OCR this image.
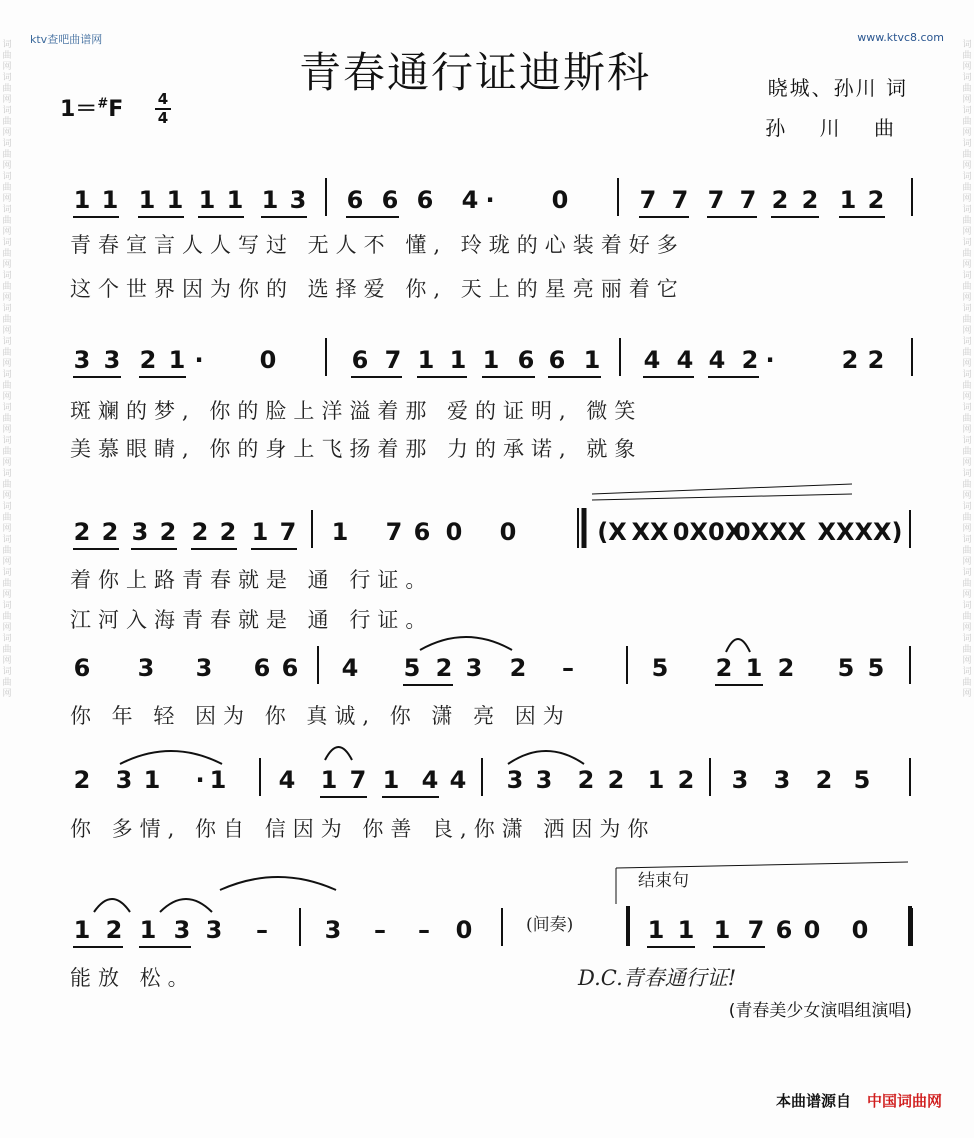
词
曲
网
词
曲
网
词
曲
网
词
曲
网
词
曲
网
词
曲
网
词
曲
网
词
曲
网
词
曲
网
词
曲
网
词
曲
网
词
曲
网
词
曲
网
词
曲
网
词
曲
网
词
曲
网
词
曲
网
词
曲
网
词
曲
网
词
曲
网
词
曲
网
词
曲
网
词
曲
网
词
曲
网
词
曲
网
词
曲
网
词
曲
网
词
曲
网
词
曲
网
词
曲
网
词
曲
网
词
曲
网
词
曲
网
词
曲
网
词
曲
网
词
曲
网
词
曲
网
词
曲
网
词
曲
网
词
曲
网
ktv查吧曲谱网	www.ktvc8.com
青春通行证迪斯科	晓城、孙川 词
孙 川 曲
1＝#F 4
4
1 1 1 1 1 1 1 3 6 6 6 4 · 0	7 7 7 7 2 2 1 2
3 3 2 1 · 0	6 7 1 1 1 6 6 1 4 4 4 2 ·	2 2
2 2 3 2 2 2 1 7 1 7 6 0 0	(X XX 0X0X
0XXX XXXX)
6 3 3 6 6 4 5 2 3 2 –	5 2 1 2 5 5
2 3 1 · 1 4 1 7 1 4 4 3 3 2 2 1 2 3 3 2 5
1 2 1 3 3 – 3 – – 0	1 1 1 7 6 0 0
青春宣言人人写过 无人不 懂, 玲珑的心装着好多
这个世界因为你的 选择爱 你, 天上的星亮丽着它
斑斓的梦, 你的脸上洋溢着那 爱的证明, 微笑
美慕眼睛, 你的身上飞扬着那 力的承诺, 就象
着你上路青春就是 通 行证。
江河入海青春就是 通 行证。
你 年 轻 因为 你 真诚, 你 潇 亮 因为
你 多情, 你自 信因为 你善 良,你潇 洒因为你
能放 松。
(间奏)
结束句
D.C.青春通行证!
(青春美少女演唱组演唱)
本曲谱源自 中国词曲网
